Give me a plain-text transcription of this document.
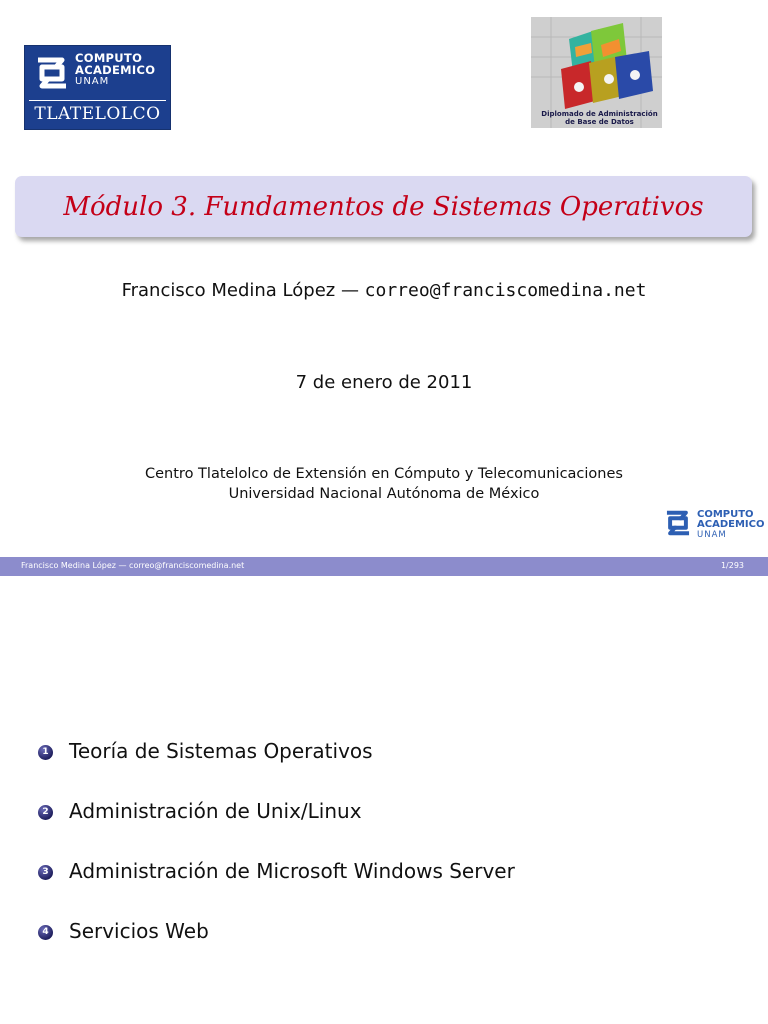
COMPUTO
ACADEMICO
UNAM
TLATELOLCO	Diplomado de Administración de Base de Datos
Módulo 3. Fundamentos de Sistemas Operativos
Francisco Medina López — correo@franciscomedina.net
7 de enero de 2011
Centro Tlatelolco de Extensión en Cómputo y Telecomunicaciones
Universidad Nacional Autónoma de México
COMPUTO
ACADEMICO
UNAM
Francisco Medina López — correo@franciscomedina.net	1/293
1 Teoría de Sistemas Operativos
2 Administración de Unix/Linux
3 Administración de Microsoft Windows Server
4 Servicios Web
